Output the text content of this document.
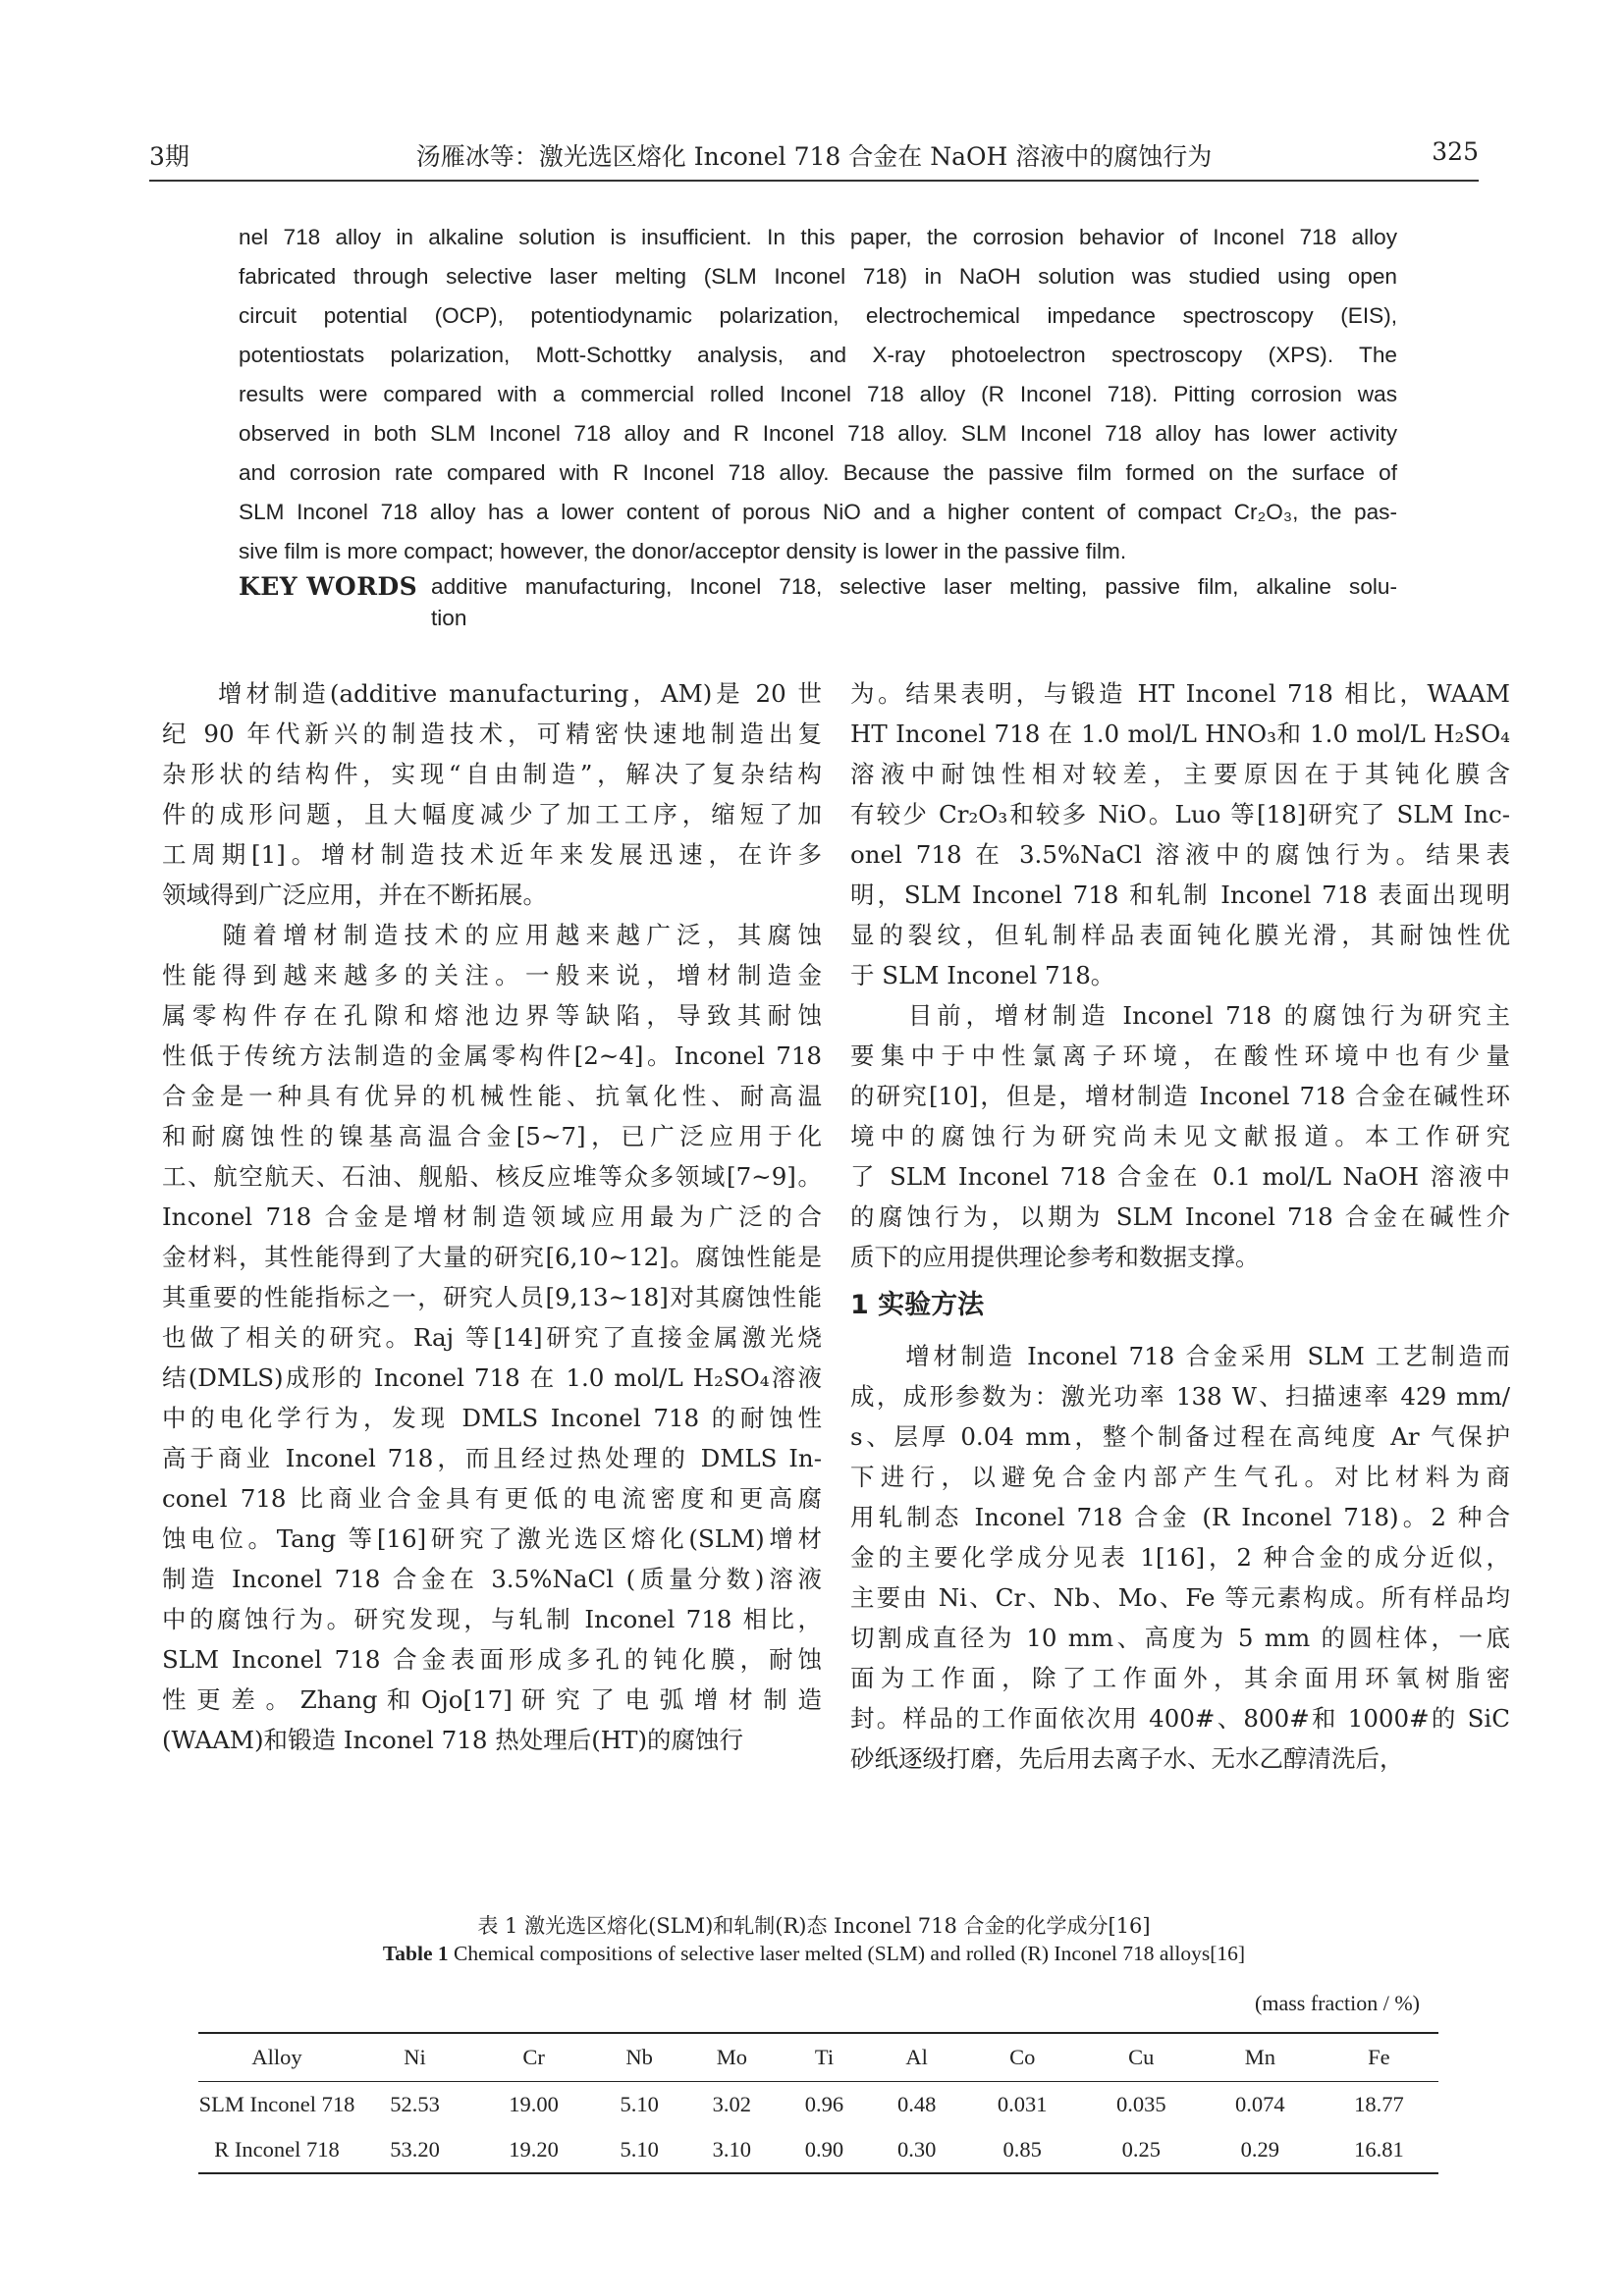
3期	汤雁冰等：激光选区熔化 Inconel 718 合金在 NaOH 溶液中的腐蚀行为	325
nel 718 alloy in alkaline solution is insufficient. In this paper, the corrosion behavior of Inconel 718 alloy
fabricated through selective laser melting (SLM Inconel 718) in NaOH solution was studied using open
circuit potential (OCP), potentiodynamic polarization, electrochemical impedance spectroscopy (EIS),
potentiostats polarization, Mott-Schottky analysis, and X-ray photoelectron spectroscopy (XPS). The
results were compared with a commercial rolled Inconel 718 alloy (R Inconel 718). Pitting corrosion was
observed in both SLM Inconel 718 alloy and R Inconel 718 alloy. SLM Inconel 718 alloy has lower activity
and corrosion rate compared with R Inconel 718 alloy. Because the passive film formed on the surface of
SLM Inconel 718 alloy has a lower content of porous NiO and a higher content of compact Cr₂O₃, the pas-
sive film is more compact; however, the donor/acceptor density is lower in the passive film.
KEY WORDS additive manufacturing, Inconel 718, selective laser melting, passive film, alkaline solu-
tion
　　增材制造(additive manufacturing，AM)是 20 世
纪 90 年代新兴的制造技术，可精密快速地制造出复
杂形状的结构件，实现“自由制造”，解决了复杂结构
件的成形问题，且大幅度减少了加工工序，缩短了加
工周期[1]。增材制造技术近年来发展迅速，在许多
领域得到广泛应用，并在不断拓展。
　　随着增材制造技术的应用越来越广泛，其腐蚀
性能得到越来越多的关注。一般来说，增材制造金
属零构件存在孔隙和熔池边界等缺陷，导致其耐蚀
性低于传统方法制造的金属零构件[2~4]。Inconel 718
合金是一种具有优异的机械性能、抗氧化性、耐高温
和耐腐蚀性的镍基高温合金[5~7]，已广泛应用于化
工、航空航天、石油、舰船、核反应堆等众多领域[7~9]。
Inconel 718 合金是增材制造领域应用最为广泛的合
金材料，其性能得到了大量的研究[6,10~12]。腐蚀性能是
其重要的性能指标之一，研究人员[9,13~18]对其腐蚀性能
也做了相关的研究。Raj 等[14]研究了直接金属激光烧
结(DMLS)成形的 Inconel 718 在 1.0 mol/L H₂SO₄溶液
中的电化学行为，发现 DMLS Inconel 718 的耐蚀性
高于商业 Inconel 718，而且经过热处理的 DMLS In-
conel 718 比商业合金具有更低的电流密度和更高腐
蚀电位。Tang 等[16]研究了激光选区熔化(SLM)增材
制造 Inconel 718 合金在 3.5%NaCl (质量分数)溶液
中的腐蚀行为。研究发现，与轧制 Inconel 718 相比，
SLM Inconel 718 合金表面形成多孔的钝化膜，耐蚀
性 更 差 。 Zhang 和 Ojo[17] 研 究 了 电 弧 增 材 制 造
(WAAM)和锻造 Inconel 718 热处理后(HT)的腐蚀行
为。结果表明，与锻造 HT Inconel 718 相比，WAAM
HT Inconel 718 在 1.0 mol/L HNO₃和 1.0 mol/L H₂SO₄
溶液中耐蚀性相对较差，主要原因在于其钝化膜含
有较少 Cr₂O₃和较多 NiO。Luo 等[18]研究了 SLM Inc-
onel 718 在 3.5%NaCl 溶液中的腐蚀行为。结果表
明，SLM Inconel 718 和轧制 Inconel 718 表面出现明
显的裂纹，但轧制样品表面钝化膜光滑，其耐蚀性优
于 SLM Inconel 718。
　　目前，增材制造 Inconel 718 的腐蚀行为研究主
要集中于中性氯离子环境，在酸性环境中也有少量
的研究[10]，但是，增材制造 Inconel 718 合金在碱性环
境中的腐蚀行为研究尚未见文献报道。本工作研究
了 SLM Inconel 718 合金在 0.1 mol/L NaOH 溶液中
的腐蚀行为，以期为 SLM Inconel 718 合金在碱性介
质下的应用提供理论参考和数据支撑。
1 实验方法
　　增材制造 Inconel 718 合金采用 SLM 工艺制造而
成，成形参数为：激光功率 138 W、扫描速率 429 mm/
s、层厚 0.04 mm，整个制备过程在高纯度 Ar 气保护
下进行，以避免合金内部产生气孔。对比材料为商
用轧制态 Inconel 718 合金 (R Inconel 718)。2 种合
金的主要化学成分见表 1[16]，2 种合金的成分近似，
主要由 Ni、Cr、Nb、Mo、Fe 等元素构成。所有样品均
切割成直径为 10 mm、高度为 5 mm 的圆柱体，一底
面为工作面，除了工作面外，其余面用环氧树脂密
封。样品的工作面依次用 400#、800#和 1000#的 SiC
砂纸逐级打磨，先后用去离子水、无水乙醇清洗后，
表 1 激光选区熔化(SLM)和轧制(R)态 Inconel 718 合金的化学成分[16]
Table 1 Chemical compositions of selective laser melted (SLM) and rolled (R) Inconel 718 alloys[16]
(mass fraction / %)
Alloy	Ni	Cr	Nb	Mo	Ti	Al	Co	Cu	Mn	Fe
SLM Inconel 718	52.53	19.00	5.10	3.02	0.96	0.48	0.031	0.035	0.074	18.77
R Inconel 718	53.20	19.20	5.10	3.10	0.90	0.30	0.85	0.25	0.29	16.81
